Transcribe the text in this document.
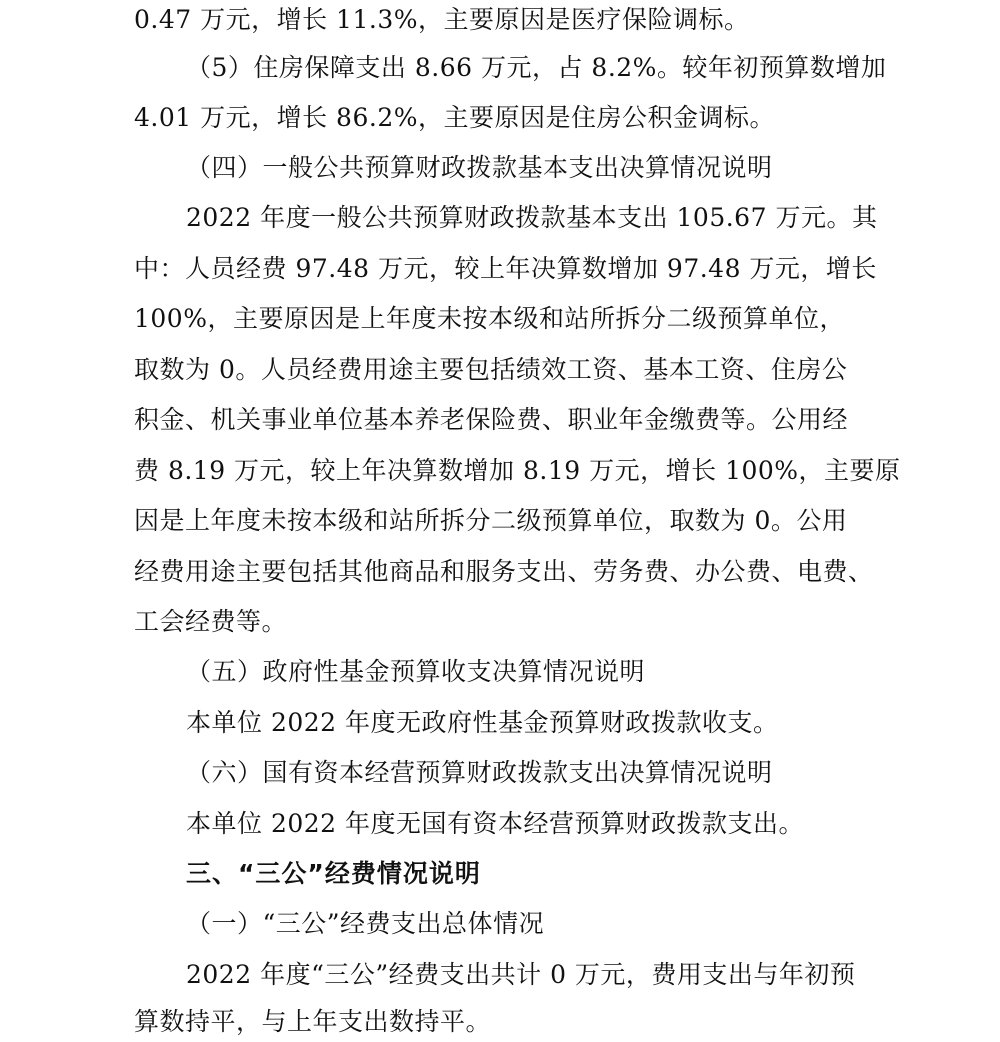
0.47 万元，增长 11.3%，主要原因是医疗保险调标。
（5）住房保障支出 8.66 万元，占 8.2%。较年初预算数增加
4.01 万元，增长 86.2%，主要原因是住房公积金调标。
（四）一般公共预算财政拨款基本支出决算情况说明
2022 年度一般公共预算财政拨款基本支出 105.67 万元。其
中：人员经费 97.48 万元，较上年决算数增加 97.48 万元，增长
100%，主要原因是上年度未按本级和站所拆分二级预算单位，
取数为 0。人员经费用途主要包括绩效工资、基本工资、住房公
积金、机关事业单位基本养老保险费、职业年金缴费等。公用经
费 8.19 万元，较上年决算数增加 8.19 万元，增长 100%，主要原
因是上年度未按本级和站所拆分二级预算单位，取数为 0。公用
经费用途主要包括其他商品和服务支出、劳务费、办公费、电费、
工会经费等。
（五）政府性基金预算收支决算情况说明
本单位 2022 年度无政府性基金预算财政拨款收支。
（六）国有资本经营预算财政拨款支出决算情况说明
本单位 2022 年度无国有资本经营预算财政拨款支出。
三、“三公”经费情况说明
（一）“三公”经费支出总体情况
2022 年度“三公”经费支出共计 0 万元，费用支出与年初预
算数持平，与上年支出数持平。
